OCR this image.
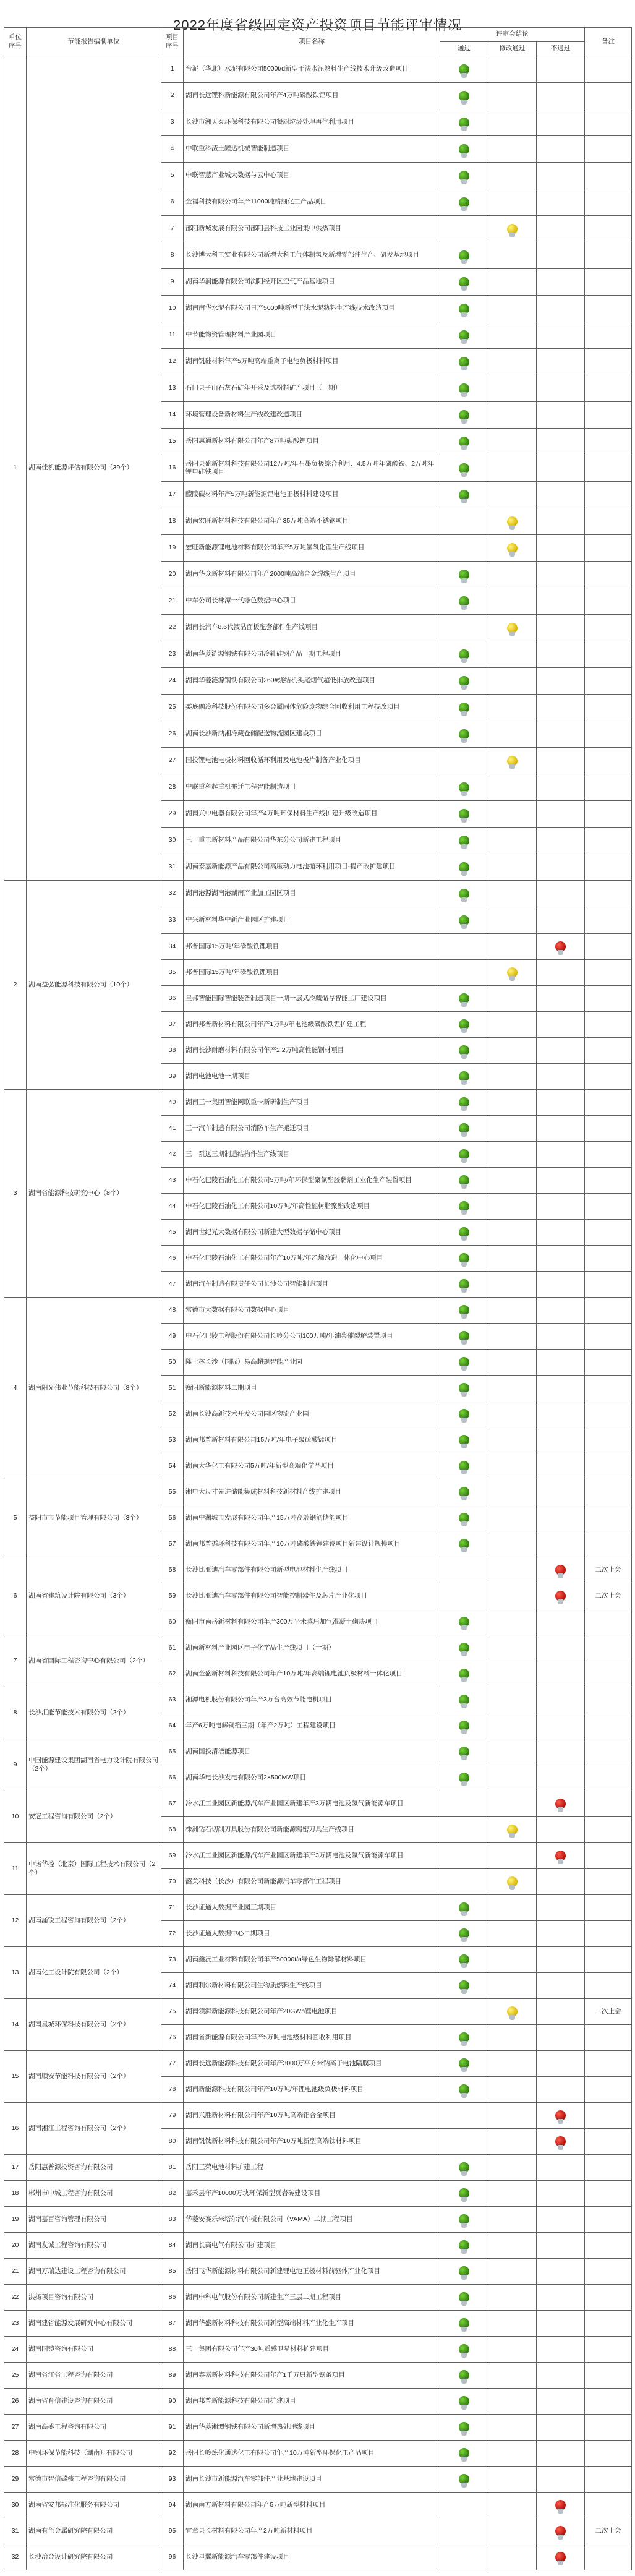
2022年度省级固定资产投资项目节能评审情况
单位序号	节能报告编制单位	项目序号	项目名称	评审会结论			备注
				通过	修改通过	不通过	
1	湖南佳机能源评估有限公司（39个）	1	台泥（华北）水泥有限公司5000t/d新型干法水泥熟料生产线技术升级改造项目				
		2	湖南长远锂科新能源有限公司年产4万吨磷酸铁锂项目				
		3	长沙市湘天泰环保科技有限公司餐厨垃圾处理再生利用项目				
		4	中联重科渣土罐达机械智能制造项目				
		5	中联智慧产业城大数据与云中心项目				
		6	金福科技有限公司年产11000吨精细化工产品项目				
		7	邵阳新城发展有限公司邵阳县科技工业园集中供热项目				
		8	长沙博大科工实业有限公司新增大科工气体制氢及新增零部件生产、研发基地项目				
		9	湖南华润能源有限公司浏阳经开区空气产品基地项目				
		10	湖南南华水泥有限公司日产5000吨新型干法水泥熟料生产线技术改造项目				
		11	中节能物资管理材料产业园项目				
		12	湖南钒硅材料年产5万吨高端重离子电池负极材料项目				
		13	石门县子山石灰石矿年开采及选粉料矿产项目（一期）				
		14	环境管理设备新材料生产线改建改造项目				
		15	岳阳惠通新材料有限公司年产8万吨碳酸锂项目				
		16	岳阳县盛新材料科技有限公司12万吨/年石墨负极综合利用、4.5万吨年磷酸铁、2万吨年锂电硅铁项目				
		17	醴陵碳材料年产5万吨新能源锂电池正极材料建设项目				
		18	湖南宏旺新材料科技有限公司年产35万吨高端不锈钢项目				
		19	宏旺新能源锂电池材料有限公司年产5万吨氢氧化锂生产线项目				
		20	湖南华众新材料有限公司年产2000吨高端合金焊线生产项目				
		21	中车公司长株潭一代绿色数据中心项目				
		22	湖南长汽车8.6代液晶面板配套部件生产线项目				
		23	湖南华菱涟源钢铁有限公司冷轧硅钢产品一期工程项目				
		24	湖南华菱涟源钢铁有限公司260#烧结机头尾烟气超低排放改造项目				
		25	娄底融冷科技股份有限公司多金属固体危险废物综合回收利用工程技改项目				
		26	湖南长沙新纳湘冷藏仓储配送物流园区建设项目				
		27	国投锂电池电极材料回收循环利用及电池极片制备产业化项目				
		28	中联重科起重机搬迁工程智能制造项目				
		29	湖南兴中电器有限公司年产4万吨环保材料生产线扩建升级改造项目				
		30	三一重工新材料产品有限公司华东分公司新建工程项目				
		31	湖南泰嘉新能源产品有限公司高压动力电池循环利用项目-提产改扩建项目				
2	湖南益弘能源科技有限公司（10个）	32	湖南港源湖南港湖南产业加工园区项目				
		33	中兴新材料华中新产业园区扩建项目				
		34	邦普国际15万吨/年磷酸铁锂项目				
		35	邦普国际15万吨/年磷酸铁锂项目				
		36	星邦智能国际智能装备制造项目一期一层式冷藏储存智能工厂建设项目				
		37	湖南邦普新材料有限公司年产1万吨/年电池级磷酸铁锂扩建工程				
		38	湖南长沙耐磨材料有限公司年产2.2万吨高性能钢材项目				
		39	湖南电池电池一期项目				
3	湖南省能源科技研究中心（8个）	40	湖南三一集团智能网联重卡新研制生产项目				
		41	三一汽车制造有限公司消防车生产搬迁项目				
		42	三一泵送三期制造结构件生产线项目				
		43	中石化巴陵石油化工有限公司5万吨/年环保型聚氯酯胶黏剂工业化生产装置项目				
		44	中石化巴陵石油化工有限公司10万吨/年高性能树脂聚酯改造项目				
		45	湖南世纪光大数据有限公司新建大型数据存储中心项目				
		46	中石化巴陵石油化工有限公司年产10万吨/年乙烯改造一体化中心项目				
		47	湖南汽车制造有限责任公司长沙公司智能制造项目				
4	湖南阳光伟业节能科技有限公司（8个）	48	常德市大数据有限公司数据中心项目				
		49	中石化巴陵工程股份有限公司长岭分公司100万吨/年油浆催裂解装置项目				
		50	隆土林长沙（国际）易高超规智能产业园				
		51	衡阳新能源材料二期项目				
		52	湖南长沙高新技术开发公司园区物流产业园				
		53	湖南邦普新材料有限公司15万吨/年电子级硫酸锰项目				
		54	湖南大华化工有限公司5万吨/年新型高端化学品项目				
5	益阳市市节能项目管理有限公司（3个）	55	湘电大尺寸先进储能集成材料科技新材料产线扩建项目				
		56	湖南中渊城市发展有限公司年产15万吨高端钢筋储能项目				
		57	湖南邦普循环科技有限公司年产10万吨磷酸铁锂建设项目新建设计规模项目				
6	湖南省建筑设计院有限公司（3个）	58	长沙比亚迪汽车零部件有限公司新型电池材料生产线项目				二次上会
		59	长沙比亚迪汽车零部件有限公司智能控制器件及芯片产业化项目				二次上会
		60	衡阳市南岳新材料有限公司年产300万平米蒸压加气混凝土砌块项目				
7	湖南省国际工程咨询中心有限公司（2个）	61	湖南新材料产业园区电子化学品生产线项目（一期）				
		62	湖南金盛新材料科技有限公司年产10万吨/年高端锂电池负极材料一体化项目				
8	长沙汇能节能技术有限公司（2个）	63	湘潭电机股份有限公司年产3万台高效节能电机项目				
		64	年产6万吨电解铜箔三期（年产2万吨）工程建设项目				
9	中国能源建设集团湖南省电力设计院有限公司（2个）	65	湖南国投清洁能源项目				
		66	湖南华电长沙发电有限公司2×500MW项目				
10	安冠工程咨询有限公司（2个）	67	冷水江工业园区新能源汽车产业园区新建年产3万辆电池及氢气新能源车项目				
		68	株洲钻石切削刀具股份有限公司新能源精密刀具生产线项目				
11	中诺华控（北京）国际工程技术有限公司（2个）	69	冷水江工业园区新能源汽车产业园区新建年产3万辆电池及氢气新能源车项目				
		70	韶关科技（长沙）有限公司新能源汽车零部件工程项目				
12	湖南涌锐工程咨询有限公司（2个）	71	长沙证通大数据产业园三期项目				
		72	长沙证通大数据中心二期项目				
13	湖南化工设计院有限公司（2个）	73	湖南鑫沅工业材料有限公司年产50000t/a绿色生物降解材料项目				
		74	湖南利尔新材料有限公司生物质燃料生产线项目				
14	湖南星城环保科技有限公司（2个）	75	湖南领湃新能源科技有限公司年产20GWh锂电池项目				二次上会
		76	湖南省新能源有限公司年产5万吨电池级材料回收利用项目				
15	湖南顺安节能科技有限公司（2个）	77	湖南长远新能源科技有限公司年产3000万平方米钠离子电池隔膜项目				
		78	湖南新能源科技有限公司年产10万吨/年锂电池级负极材料项目				
16	湖南湘江工程咨询有限公司（2个）	79	湖南兴胜新材料有限公司年产10万吨高端铝合金项目				
		80	湖南钒钛新材料科技有限公司年产10万吨新型高端钛材料项目				
17	岳阳惠普源投资咨询有限公司	81	岳阳三荣电池材料扩建工程				
18	郴州市中城工程咨询有限公司	82	嘉禾县年产10000万块环保新型页岩砖建设项目				
19	湖南嘉百咨询管理有限公司	83	华菱安赛乐米塔尔汽车板有限公司（VAMA）二期工程项目				
20	湖南友诚工程咨询有限公司	84	湖南长高电气有限公司扩建项目				
21	湖南万瑞达建设工程咨询有限公司	85	岳阳飞华新能源材料有限公司新建锂电池正极材料前驱体产业化项目				
22	洪扬项目咨询有限公司	86	湖南中科电气股份有限公司新建生产三层二期工程项目				
23	湖南建省能源发展研究中心有限公司	87	湖南华盛新材料科技有限公司新型高端材料产业化生产项目				
24	湖南国镜咨询有限公司	88	三一集团有限公司年产30吨遥感卫星材料扩建项目				
25	湖南省江省工程咨询有限公司	89	湖南泰嘉新材料科技有限公司年产1千万只新型锯条项目				
26	湖南省育信建设咨询有限公司	90	湖南邦普新能源科技有限公司扩建项目				
27	湖南高盛工程咨询有限公司	91	湖南华菱湘潭钢铁有限公司新增热处理线项目				
28	中钢环保节能科技（湖南）有限公司	92	岳阳长岭炼化通达化工有限公司年产10万吨新型环保化工产品项目				
29	常德市智信碳核工程咨询有限公司	93	湖南长沙市新能源汽车零部件产业基地建设项目				
30	湖南省安邦标准化服务有限公司	94	湖南南方新材料有限公司年产5万吨新型材料项目				
31	湖南有色金属研究院有限公司	95	宜章县长材料有限公司年产2万吨新材料项目				二次上会
32	长沙冶金设计研究院有限公司	96	长沙星翼新能源汽车零部件建设项目				
